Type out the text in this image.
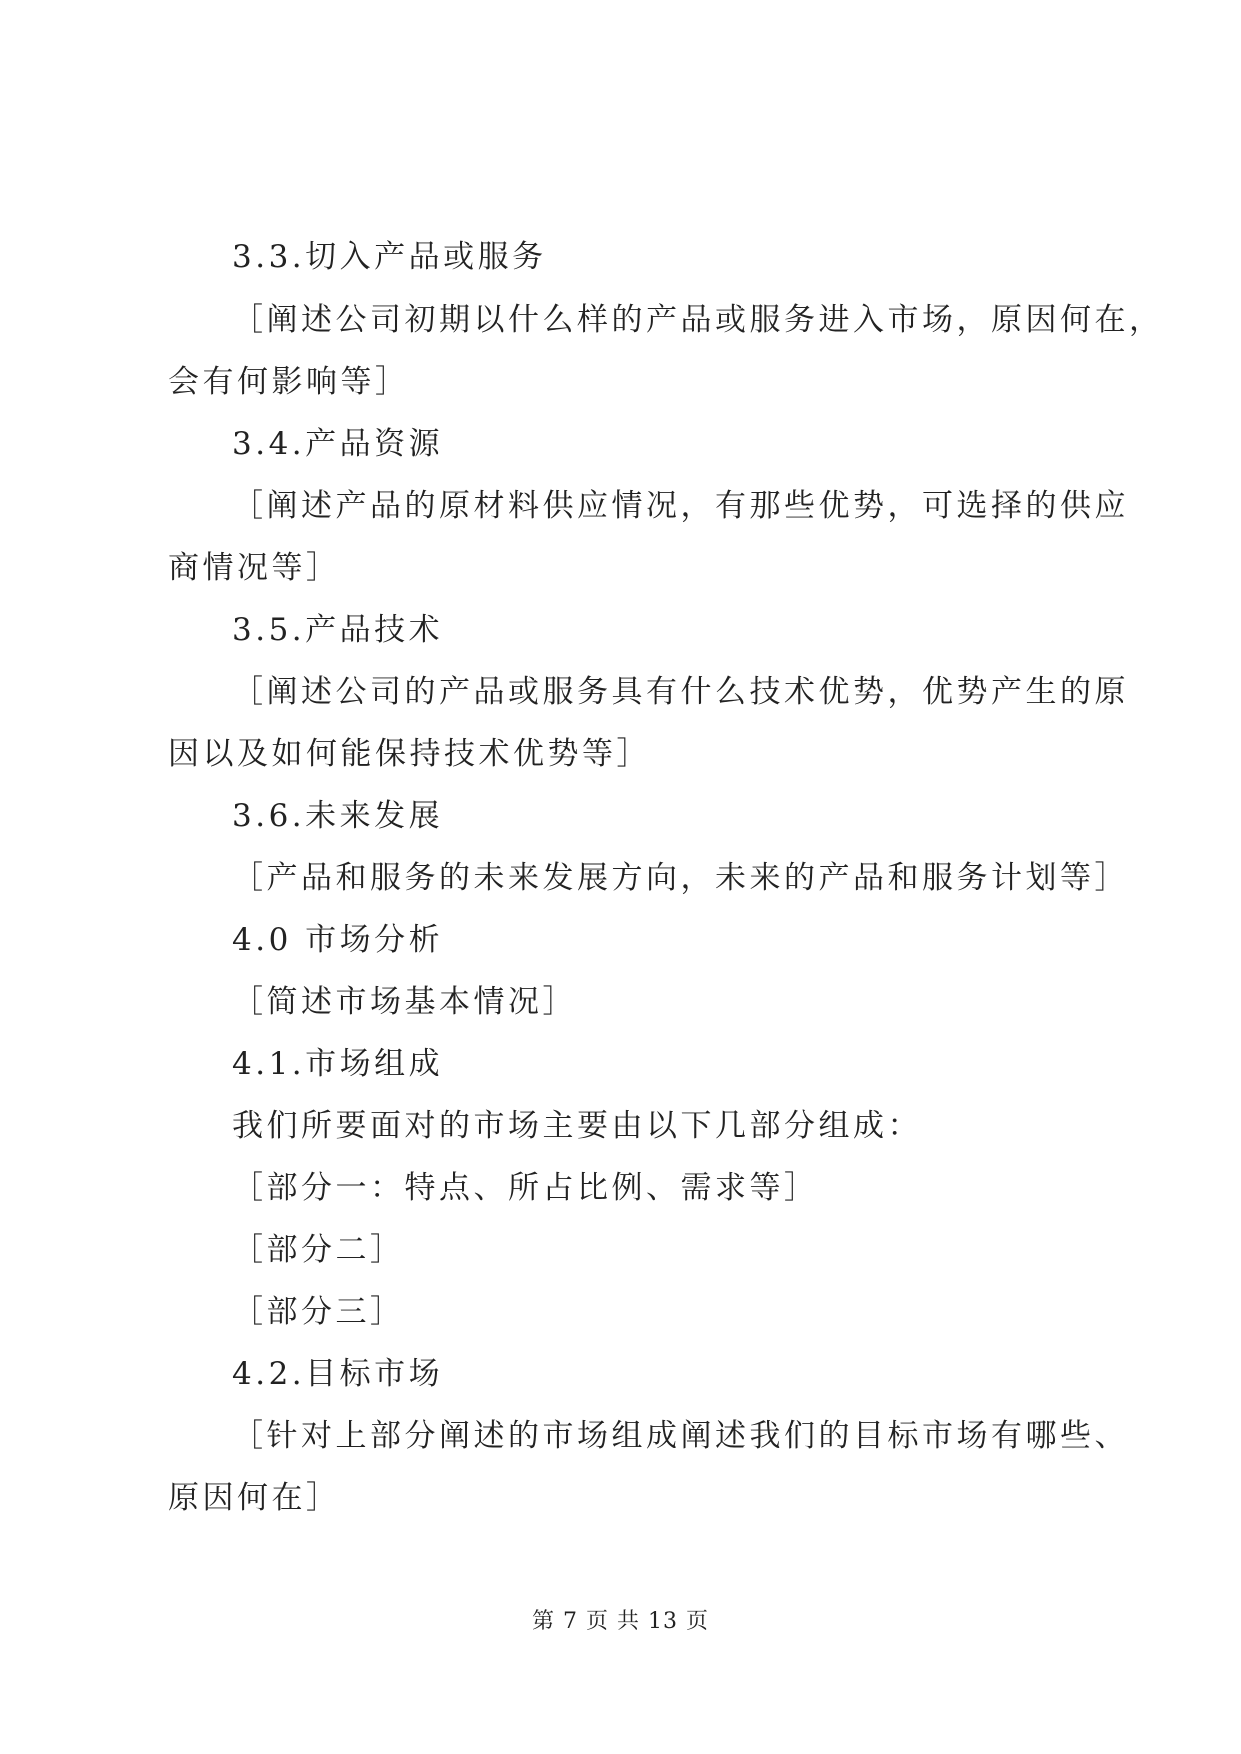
3.3.切入产品或服务
［阐述公司初期以什么样的产品或服务进入市场，原因何在，
会有何影响等］
3.4.产品资源
［阐述产品的原材料供应情况，有那些优势，可选择的供应
商情况等］
3.5.产品技术
［阐述公司的产品或服务具有什么技术优势，优势产生的原
因以及如何能保持技术优势等］
3.6.未来发展
［产品和服务的未来发展方向，未来的产品和服务计划等］
4.0 市场分析
［简述市场基本情况］
4.1.市场组成
我们所要面对的市场主要由以下几部分组成：
［部分一：特点、所占比例、需求等］
［部分二］
［部分三］
4.2.目标市场
［针对上部分阐述的市场组成阐述我们的目标市场有哪些、
原因何在］
第 7 页 共 13 页
